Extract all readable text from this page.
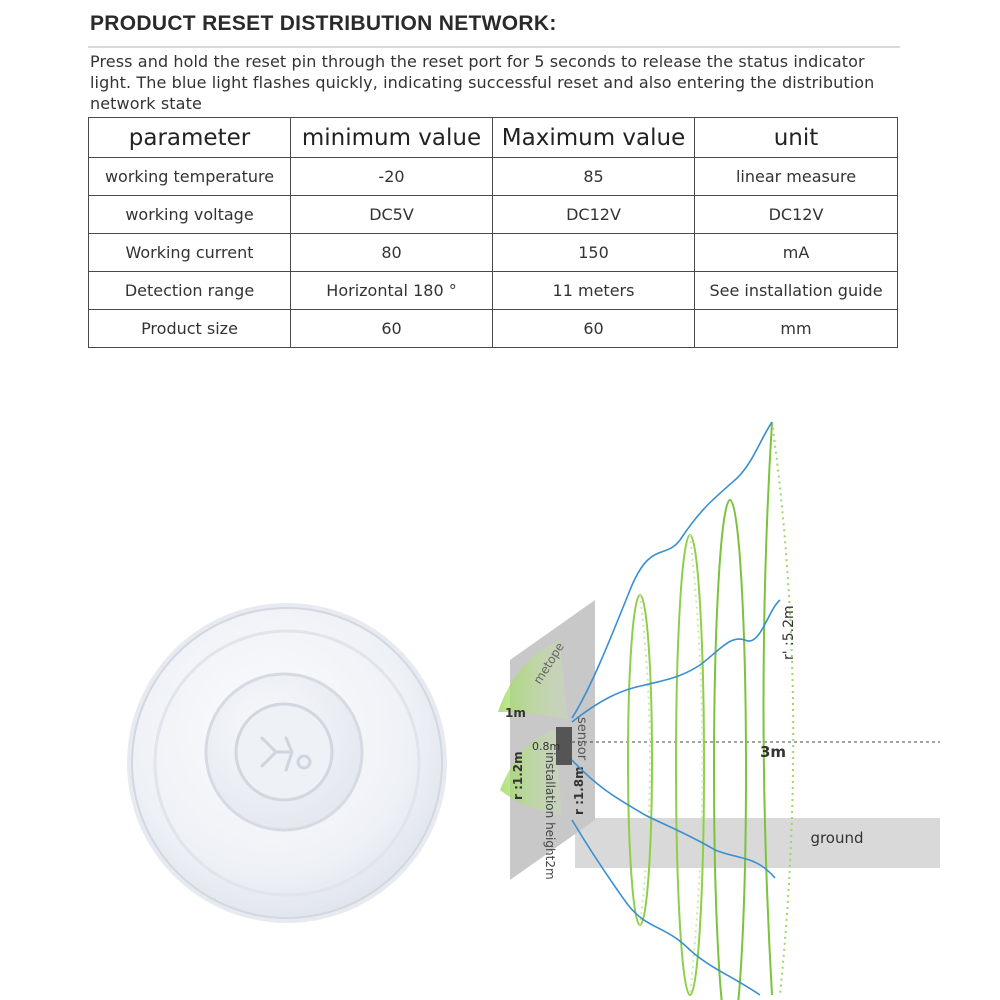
PRODUCT RESET DISTRIBUTION NETWORK:
Press and hold the reset pin through the reset port for 5 seconds to release the status indicator light. The blue light flashes quickly, indicating successful reset and also entering the distribution network state
parameter	minimum value	Maximum value	unit
working temperature	-20	85	linear measure
working voltage	DC5V	DC12V	DC12V
Working current	80	150	mA
Detection range	Horizontal 180 °	11 meters	See installation guide
Product size	60	60	mm
ground
metope
sensor
installation height2m
1m
0.8m
r :1.2m	r :1.8m
3m
r' :5.2m
